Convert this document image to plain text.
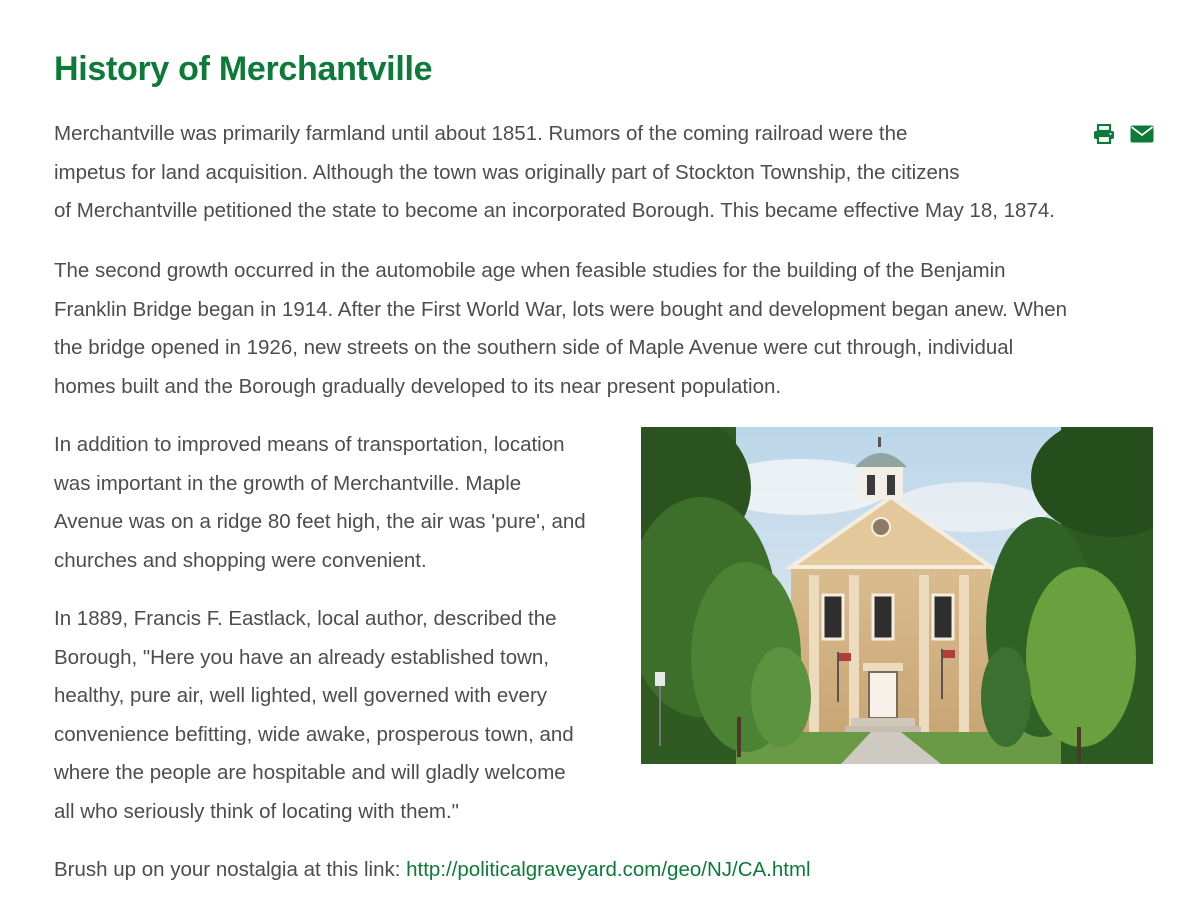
History of Merchantville

Merchantville was primarily farmland until about 1851. Rumors of the coming railroad were the
impetus for land acquisition. Although the town was originally part of Stockton Township, the citizens
of Merchantville petitioned the state to become an incorporated Borough. This became effective May 18, 1874.

The second growth occurred in the automobile age when feasible studies for the building of the Benjamin
Franklin Bridge began in 1914. After the First World War, lots were bought and development began anew. When
the bridge opened in 1926, new streets on the southern side of Maple Avenue were cut through, individual
homes built and the Borough gradually developed to its near present population.

In addition to improved means of transportation, location
was important in the growth of Merchantville. Maple
Avenue was on a ridge 80 feet high, the air was 'pure', and
churches and shopping were convenient.

In 1889, Francis F. Eastlack, local author, described the
Borough, "Here you have an already established town,
healthy, pure air, well lighted, well governed with every
convenience befitting, wide awake, prosperous town, and
where the people are hospitable and will gladly welcome
all who seriously think of locating with them."

Brush up on your nostalgia at this link: http://politicalgraveyard.com/geo/NJ/CA.html
